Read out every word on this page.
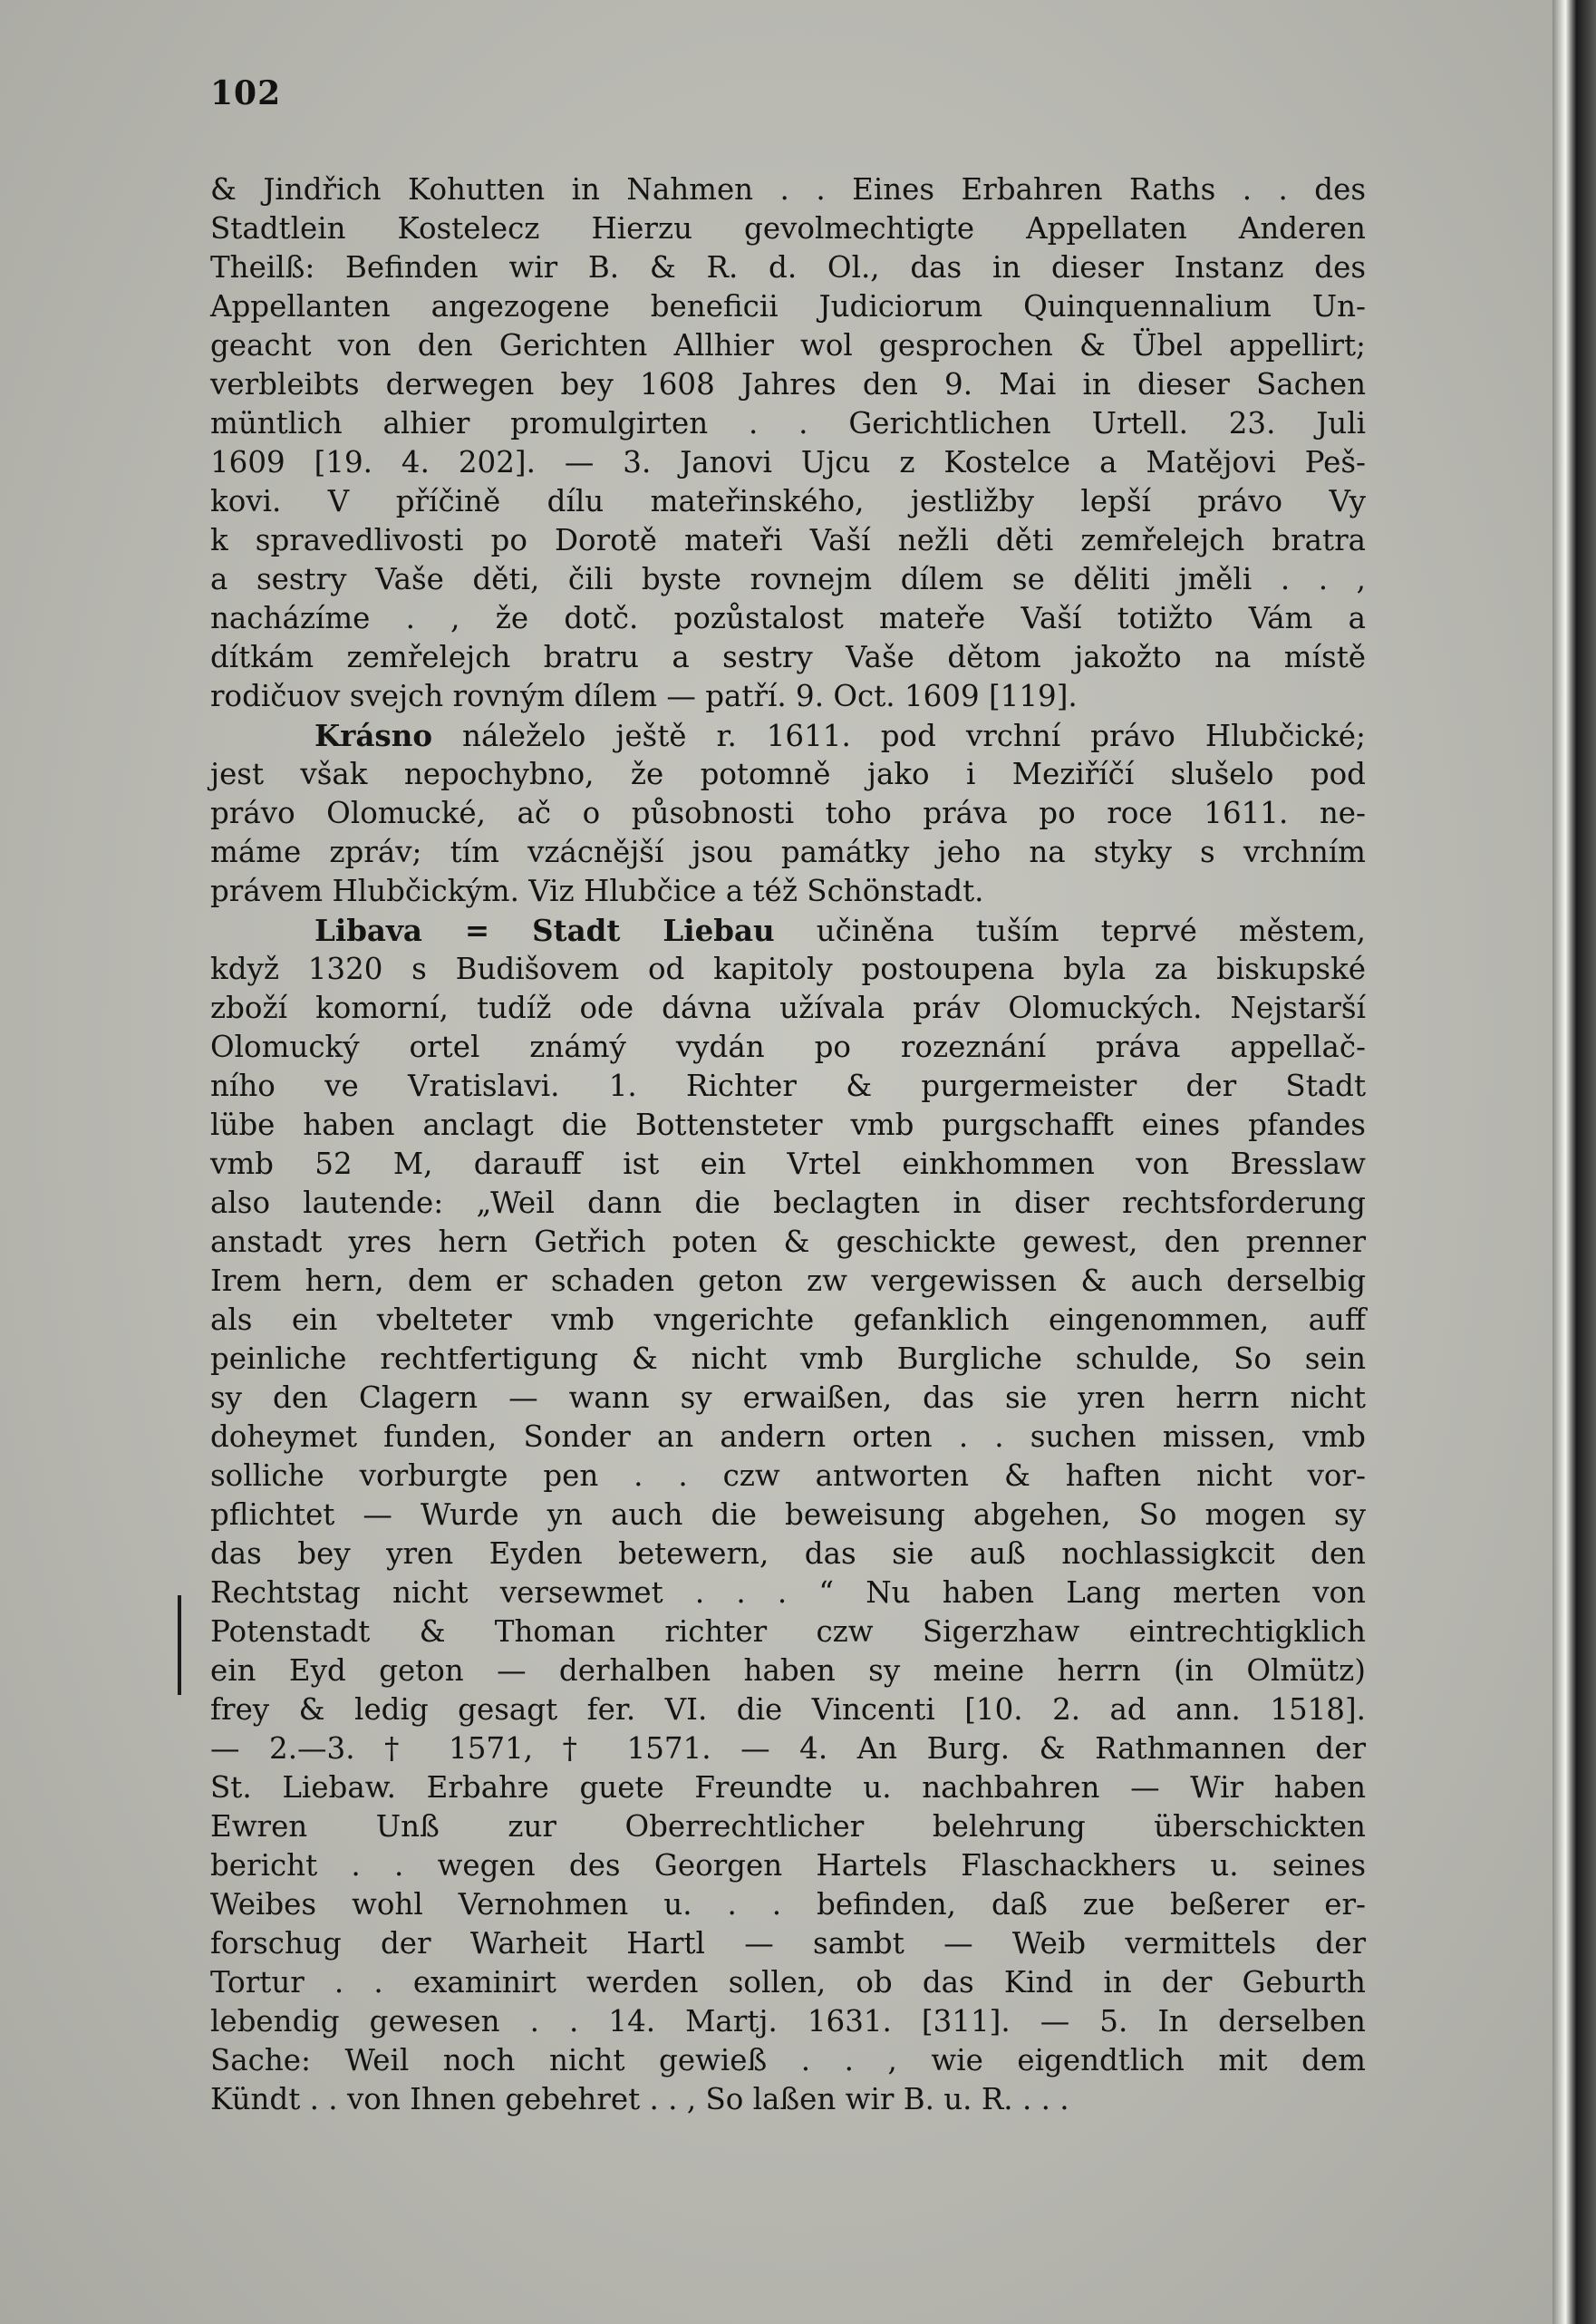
102
& Jindřich Kohutten in Nahmen . . Eines Erbahren Raths . . des
Stadtlein Kostelecz Hierzu gevolmechtigte Appellaten Anderen
Theilß: Befinden wir B. & R. d. Ol., das in dieser Instanz des
Appellanten angezogene beneficii Judiciorum Quinquennalium Un-
geacht von den Gerichten Allhier wol gesprochen & Übel appellirt;
verbleibts derwegen bey 1608 Jahres den 9. Mai in dieser Sachen
müntlich alhier promulgirten . . Gerichtlichen Urtell. 23. Juli
1609 [19. 4. 202]. — 3. Janovi Ujcu z Kostelce a Matějovi Peš-
kovi. V příčině dílu mateřinského, jestližby lepší právo Vy
k spravedlivosti po Dorotě mateři Vaší nežli děti zemřelejch bratra
a sestry Vaše děti, čili byste rovnejm dílem se děliti jměli . . ,
nacházíme . , že dotč. pozůstalost mateře Vaší totižto Vám a
dítkám zemřelejch bratru a sestry Vaše dětom jakožto na místě
rodičuov svejch rovným dílem — patří. 9. Oct. 1609 [119].
Krásno náleželo ještě r. 1611. pod vrchní právo Hlubčické;
jest však nepochybno, že potomně jako i Meziříčí slušelo pod
právo Olomucké, ač o působnosti toho práva po roce 1611. ne-
máme zpráv; tím vzácnější jsou památky jeho na styky s vrchním
právem Hlubčickým. Viz Hlubčice a též Schönstadt.
Libava = Stadt Liebau učiněna tuším teprvé městem,
když 1320 s Budišovem od kapitoly postoupena byla za biskupské
zboží komorní, tudíž ode dávna užívala práv Olomuckých. Nejstarší
Olomucký ortel známý vydán po rozeznání práva appellač-
ního ve Vratislavi. 1. Richter & purgermeister der Stadt
lübe haben anclagt die Bottensteter vmb purgschafft eines pfandes
vmb 52 M, darauff ist ein Vrtel einkhommen von Bresslaw
also lautende: „Weil dann die beclagten in diser rechtsforderung
anstadt yres hern Getřich poten & geschickte gewest, den prenner
Irem hern, dem er schaden geton zw vergewissen & auch derselbig
als ein vbelteter vmb vngerichte gefanklich eingenommen, auff
peinliche rechtfertigung & nicht vmb Burgliche schulde, So sein
sy den Clagern — wann sy erwaißen, das sie yren herrn nicht
doheymet funden, Sonder an andern orten . . suchen missen, vmb
solliche vorburgte pen . . czw antworten & haften nicht vor-
pflichtet — Wurde yn auch die beweisung abgehen, So mogen sy
das bey yren Eyden betewern, das sie auß nochlassigkcit den
Rechtstag nicht versewmet . . . “ Nu haben Lang merten von
Potenstadt & Thoman richter czw Sigerzhaw eintrechtigklich
ein Eyd geton — derhalben haben sy meine herrn (in Olmütz)
frey & ledig gesagt fer. VI. die Vincenti [10. 2. ad ann. 1518].
— 2.—3. † 1571, † 1571. — 4. An Burg. & Rathmannen der
St. Liebaw. Erbahre guete Freundte u. nachbahren — Wir haben
Ewren Unß zur Oberrechtlicher belehrung überschickten
bericht . . wegen des Georgen Hartels Flaschackhers u. seines
Weibes wohl Vernohmen u. . . befinden, daß zue beßerer er-
forschug der Warheit Hartl — sambt — Weib vermittels der
Tortur . . examinirt werden sollen, ob das Kind in der Geburth
lebendig gewesen . . 14. Martj. 1631. [311]. — 5. In derselben
Sache: Weil noch nicht gewieß . . , wie eigendtlich mit dem
Kündt . . von Ihnen gebehret . . , So laßen wir B. u. R. . . .
